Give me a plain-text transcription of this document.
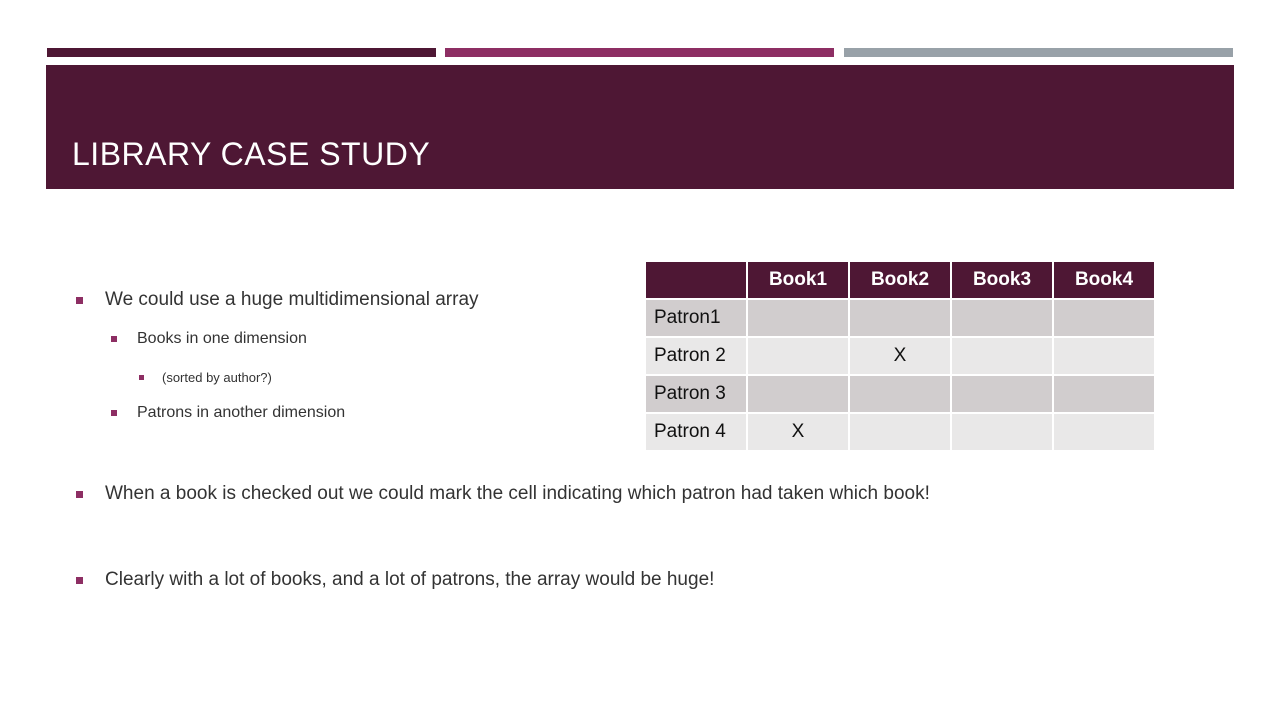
LIBRARY CASE STUDY
We could use a huge multidimensional array
Books in one dimension
(sorted by author?)
Patrons in another dimension
When a book is checked out we could mark the cell indicating which patron had taken which book!
Clearly with a lot of books, and a lot of patrons, the array would be huge!
	Book1	Book2	Book3	Book4
Patron1				
Patron 2		X		
Patron 3				
Patron 4	X			
